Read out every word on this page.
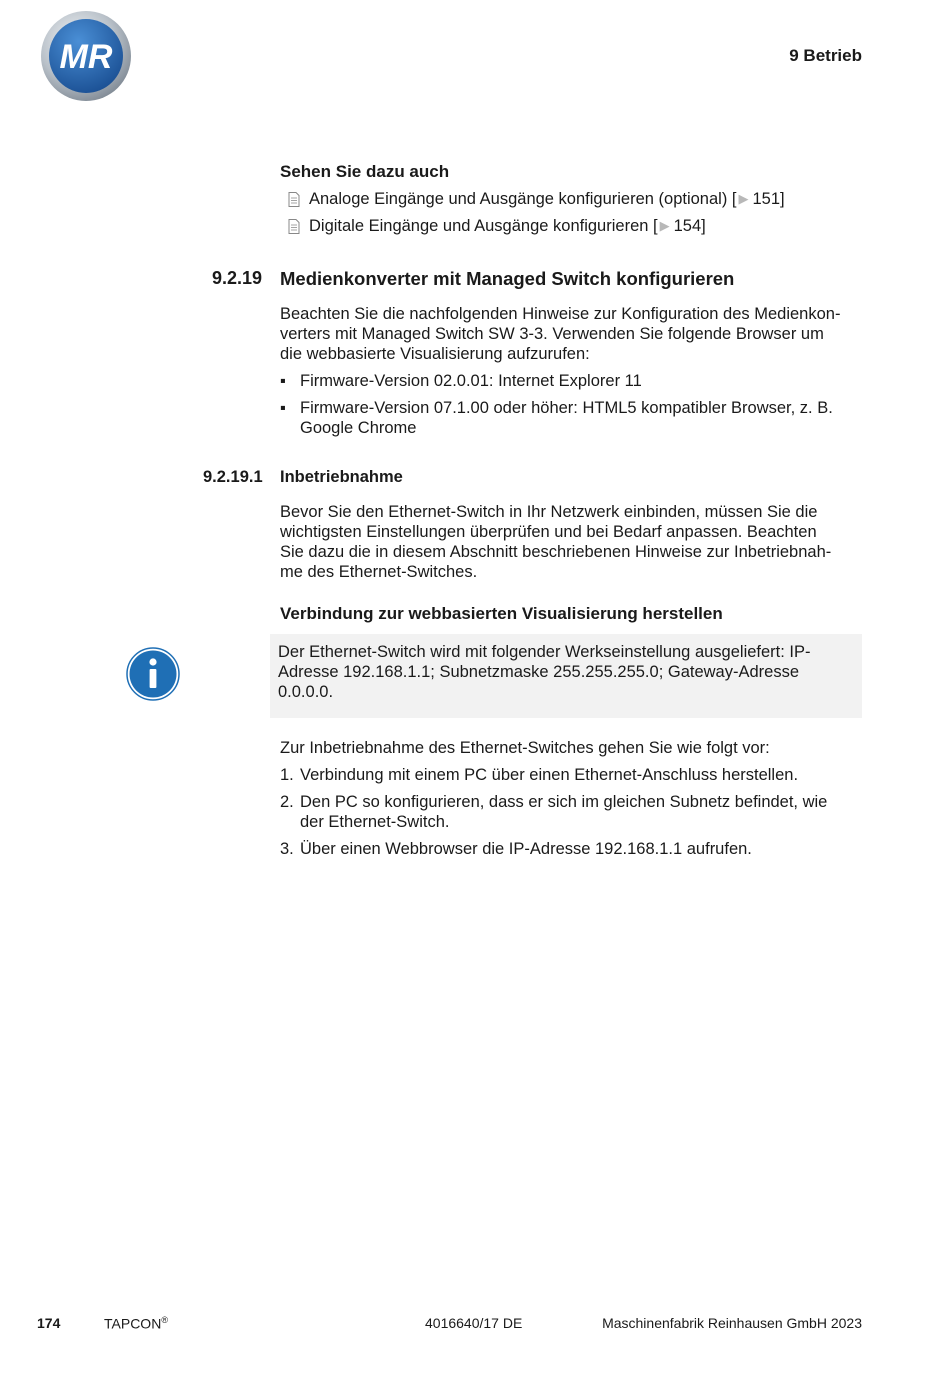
MR	9 Betrieb
Sehen Sie dazu auch
Analoge Eingänge und Ausgänge konfigurieren (optional) [ ▶ 151]
Digitale Eingänge und Ausgänge konfigurieren [ ▶ 154]
9.2.19 Medienkonverter mit Managed Switch konfigurieren
Beachten Sie die nachfolgenden Hinweise zur Konfiguration des Medienkon-
verters mit Managed Switch SW 3-3. Verwenden Sie folgende Browser um
die webbasierte Visualisierung aufzurufen:
▪ Firmware-Version 02.0.01: Internet Explorer 11
▪ Firmware-Version 07.1.00 oder höher: HTML5 kompatibler Browser, z. B.
Google Chrome
9.2.19.1 Inbetriebnahme
Bevor Sie den Ethernet-Switch in Ihr Netzwerk einbinden, müssen Sie die
wichtigsten Einstellungen überprüfen und bei Bedarf anpassen. Beachten
Sie dazu die in diesem Abschnitt beschriebenen Hinweise zur Inbetriebnah-
me des Ethernet-Switches.
Verbindung zur webbasierten Visualisierung herstellen
Der Ethernet-Switch wird mit folgender Werkseinstellung ausgeliefert: IP-
Adresse 192.168.1.1; Subnetzmaske 255.255.255.0; Gateway-Adresse
0.0.0.0.
Zur Inbetriebnahme des Ethernet-Switches gehen Sie wie folgt vor:
1. Verbindung mit einem PC über einen Ethernet-Anschluss herstellen.
2. Den PC so konfigurieren, dass er sich im gleichen Subnetz befindet, wie
der Ethernet-Switch.
3. Über einen Webbrowser die IP-Adresse 192.168.1.1 aufrufen.
174	TAPCON®	4016640/17 DE	Maschinenfabrik Reinhausen GmbH 2023
